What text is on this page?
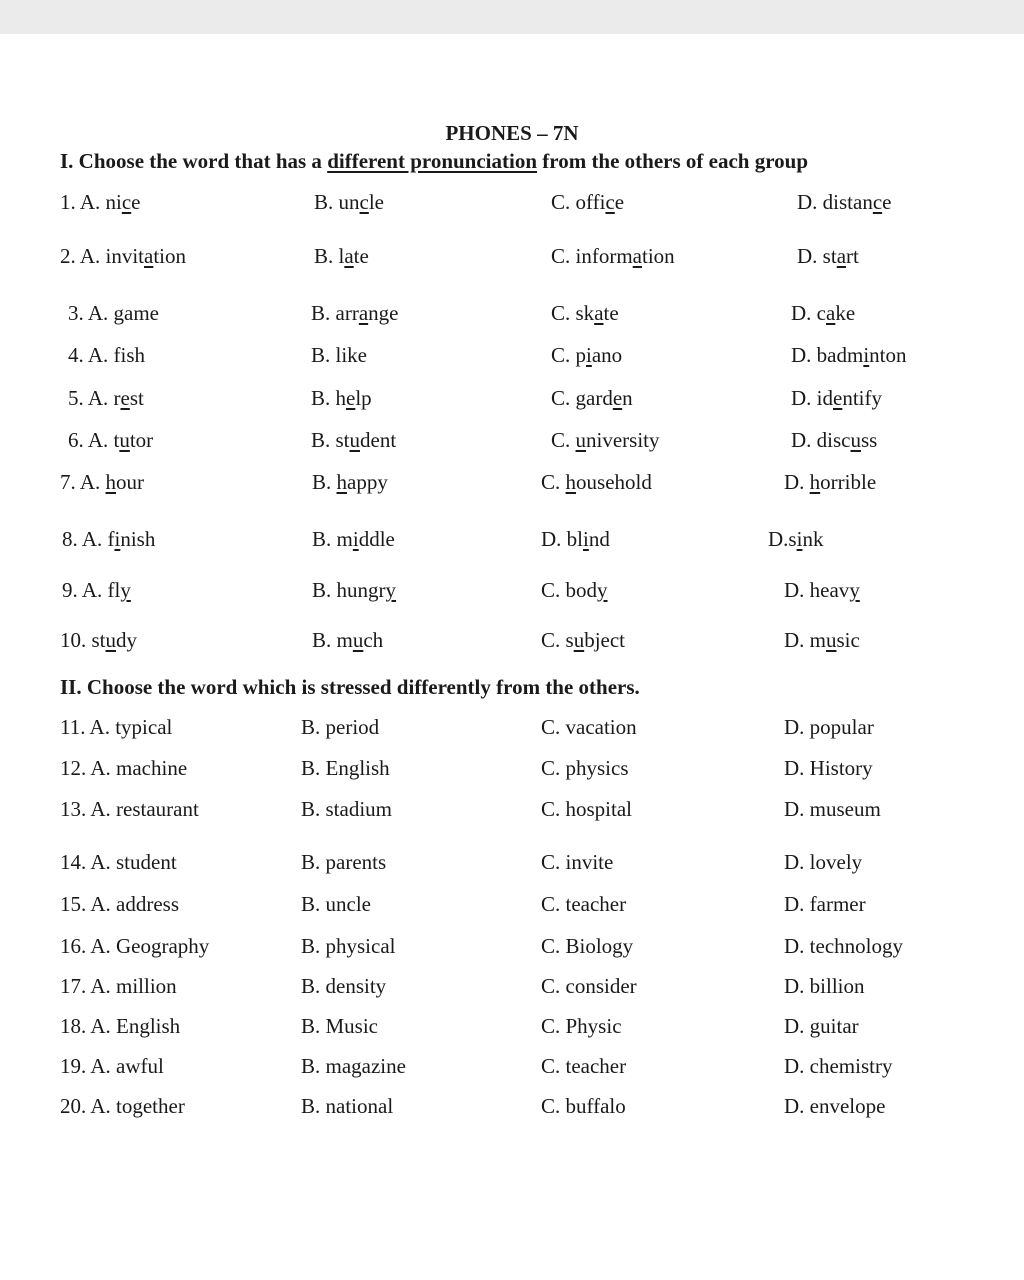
PHONES – 7N
I. Choose the word that has a different pronunciation from the others of each group
II. Choose the word which is stressed differently from the others.
1. A. nice	B. uncle	C. office	D. distance
2. A. invitation	B. late	C. information	D. start
3. A. game	B. arrange	C. skate	D. cake
4. A. fish	B. like	C. piano	D. badminton
5. A. rest	B. help	C. garden	D. identify
6. A. tutor	B. student	C. university	D. discuss
7. A. hour	B. happy	C. household	D. horrible
8. A. finish	B. middle	D. blind	D.sink
9. A. fly	B. hungry	C. body	D. heavy
10. study	B. much	C. subject	D. music
11. A. typical	B. period	C. vacation	D. popular
12. A. machine	B. English	C. physics	D. History
13. A. restaurant	B. stadium	C. hospital	D. museum
14. A. student	B. parents	C. invite	D. lovely
15. A. address	B. uncle	C. teacher	D. farmer
16. A. Geography	B. physical	C. Biology	D. technology
17. A. million	B. density	C. consider	D. billion
18. A. English	B. Music	C. Physic	D. guitar
19. A. awful	B. magazine	C. teacher	D. chemistry
20. A. together	B. national	C. buffalo	D. envelope
